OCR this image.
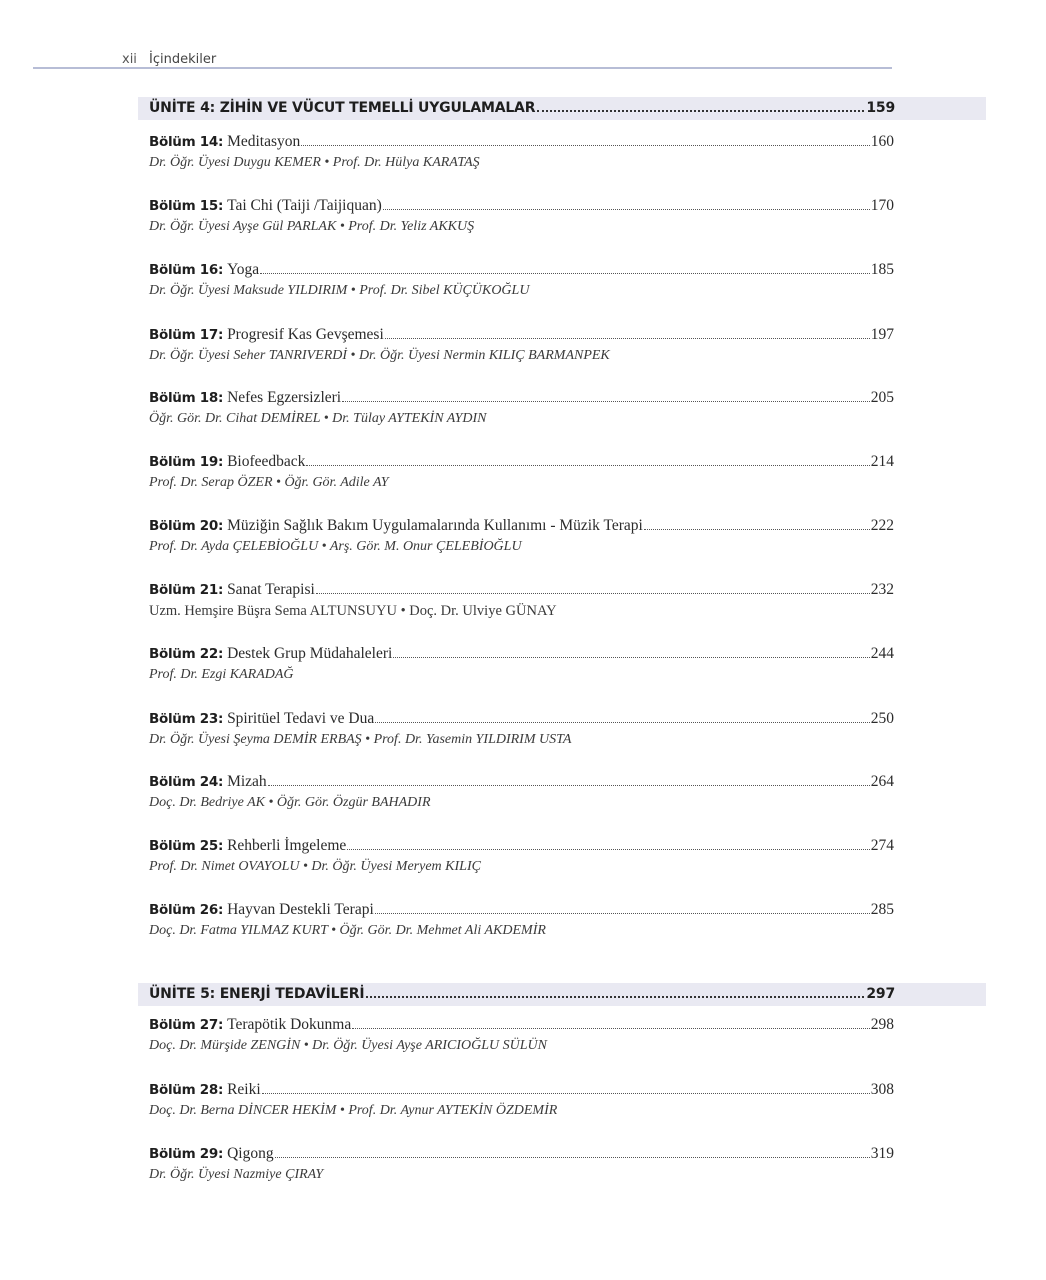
xii İçindekiler
ÜNİTE 4: ZİHİN VE VÜCUT TEMELLİ UYGULAMALAR	159
Bölüm 14: Meditasyon	160
Dr. Öğr. Üyesi Duygu KEMER • Prof. Dr. Hülya KARATAŞ
Bölüm 15: Tai Chi (Taiji /Taijiquan)	170
Dr. Öğr. Üyesi Ayşe Gül PARLAK • Prof. Dr. Yeliz AKKUŞ
Bölüm 16: Yoga	185
Dr. Öğr. Üyesi Maksude YILDIRIM • Prof. Dr. Sibel KÜÇÜKOĞLU
Bölüm 17: Progresif Kas Gevşemesi	197
Dr. Öğr. Üyesi Seher TANRIVERDİ • Dr. Öğr. Üyesi Nermin KILIÇ BARMANPEK
Bölüm 18: Nefes Egzersizleri	205
Öğr. Gör. Dr. Cihat DEMİREL • Dr. Tülay AYTEKİN AYDIN
Bölüm 19: Biofeedback	214
Prof. Dr. Serap ÖZER • Öğr. Gör. Adile AY
Bölüm 20: Müziğin Sağlık Bakım Uygulamalarında Kullanımı - Müzik Terapi	222
Prof. Dr. Ayda ÇELEBİOĞLU • Arş. Gör. M. Onur ÇELEBİOĞLU
Bölüm 21: Sanat Terapisi	232
Uzm. Hemşire Büşra Sema ALTUNSUYU • Doç. Dr. Ulviye GÜNAY
Bölüm 22: Destek Grup Müdahaleleri	244
Prof. Dr. Ezgi KARADAĞ
Bölüm 23: Spiritüel Tedavi ve Dua	250
Dr. Öğr. Üyesi Şeyma DEMİR ERBAŞ • Prof. Dr. Yasemin YILDIRIM USTA
Bölüm 24: Mizah	264
Doç. Dr. Bedriye AK • Öğr. Gör. Özgür BAHADIR
Bölüm 25: Rehberli İmgeleme	274
Prof. Dr. Nimet OVAYOLU • Dr. Öğr. Üyesi Meryem KILIÇ
Bölüm 26: Hayvan Destekli Terapi	285
Doç. Dr. Fatma YILMAZ KURT • Öğr. Gör. Dr. Mehmet Ali AKDEMİR
ÜNİTE 5: ENERJİ TEDAVİLERİ	297
Bölüm 27: Terapötik Dokunma	298
Doç. Dr. Mürşide ZENGİN • Dr. Öğr. Üyesi Ayşe ARICIOĞLU SÜLÜN
Bölüm 28: Reiki	308
Doç. Dr. Berna DİNCER HEKİM • Prof. Dr. Aynur AYTEKİN ÖZDEMİR
Bölüm 29: Qigong	319
Dr. Öğr. Üyesi Nazmiye ÇIRAY
